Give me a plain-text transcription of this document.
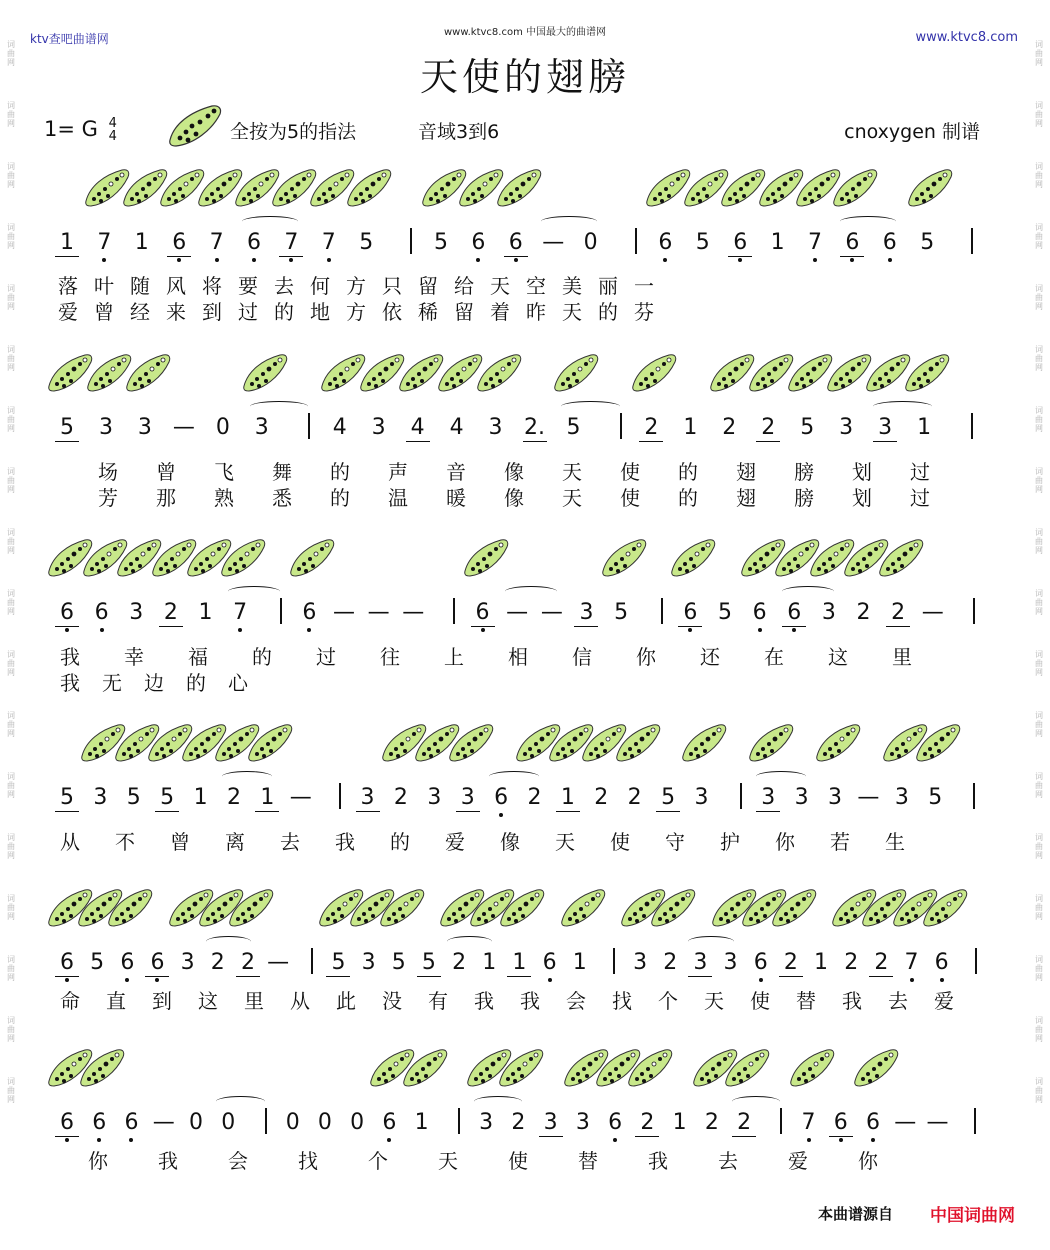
词曲网
词曲网
词曲网
词曲网
词曲网
词曲网
词曲网
词曲网
词曲网
词曲网
词曲网
词曲网
词曲网
词曲网
词曲网
词曲网
词曲网
词曲网
词曲网
词曲网
词曲网
词曲网
词曲网
词曲网
词曲网
词曲网
词曲网
词曲网
词曲网
词曲网
词曲网
词曲网
词曲网
词曲网
词曲网
词曲网
ktv查吧曲谱网	www.ktvc8.com 中国最大的曲谱网	www.ktvc8.com
天使的翅膀
1= G 4
4	全按为5的指法	音域3到6	cnoxygen 制谱
1 7 1 6 7 6 7 7 5	5 6 6 — 0	6 5 6 1 7 6 6 5
5 3 3 — 0 3	4 3 4 4 3 2. 5	2 1 2 2 5 3 3 1
6 6 3 2 1 7	6 — — — 6 — — 3 5	6 5 6 6 3 2 2 —
5 3 5 5 1 2 1 — 3 2 3 3 6 2 1 2 2 5 3 3 3 3 — 3 5
6 5 6 6 3 2 2 — 5 3 5 5 2 1 1 6 1 3 2 3 3 6 2 1 2 2 7 6
6 6 6 — 0 0 0 0 0 6 1 3 2 3 3 6 2 1 2 2 7 6 6 — —
落 叶 随 风 将 要 去 何 方 只 留 给 天 空 美 丽 一
爱 曾 经 来 到 过 的 地 方 依 稀 留 着 昨 天 的 芬
场 曾 飞 舞 的 声 音 像 天 使 的 翅 膀 划 过
芳 那 熟 悉 的 温 暖 像 天 使 的 翅 膀 划 过
我 幸 福 的 过 往 上 相 信 你 还 在 这 里
我 无 边 的 心
从 不 曾 离 去 我 的 爱 像 天 使 守 护 你 若 生
命 直 到 这 里 从 此 没 有 我 我 会 找 个 天 使 替 我 去 爱
你	我	会	找	个	天	使	替	我	去	爱	你
本曲谱源自 中国词曲网
